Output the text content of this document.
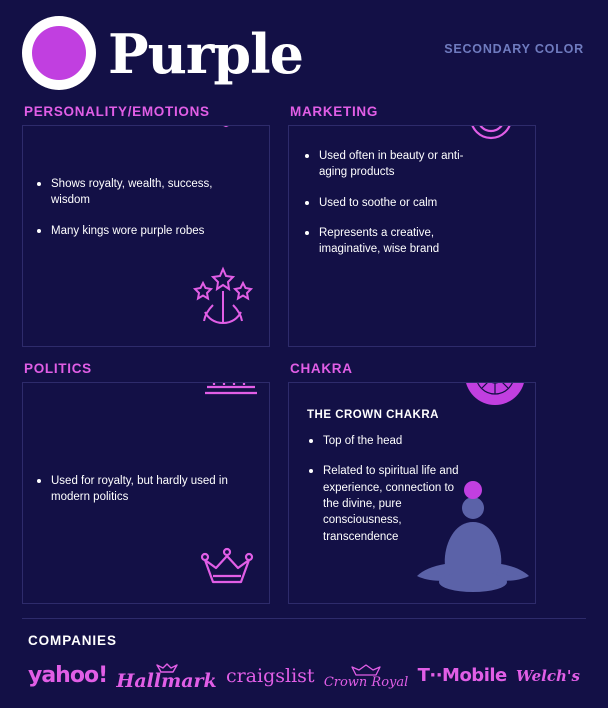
Purple	SECONDARY COLOR
PERSONALITY/EMOTIONS
Shows royalty, wealth, success, wisdom
Many kings wore purple robes
MARKETING
Used often in beauty or anti-aging products
Used to soothe or calm
Represents a creative, imaginative, wise brand
POLITICS
Used for royalty, but hardly used in modern politics
CHAKRA
THE CROWN CHAKRA
Top of the head
Related to spiritual life and experience, connection to the divine, pure consciousness, transcendence
COMPANIES
yahoo! Hallmark craigslist Crown Royal T··Mobile Welch's
